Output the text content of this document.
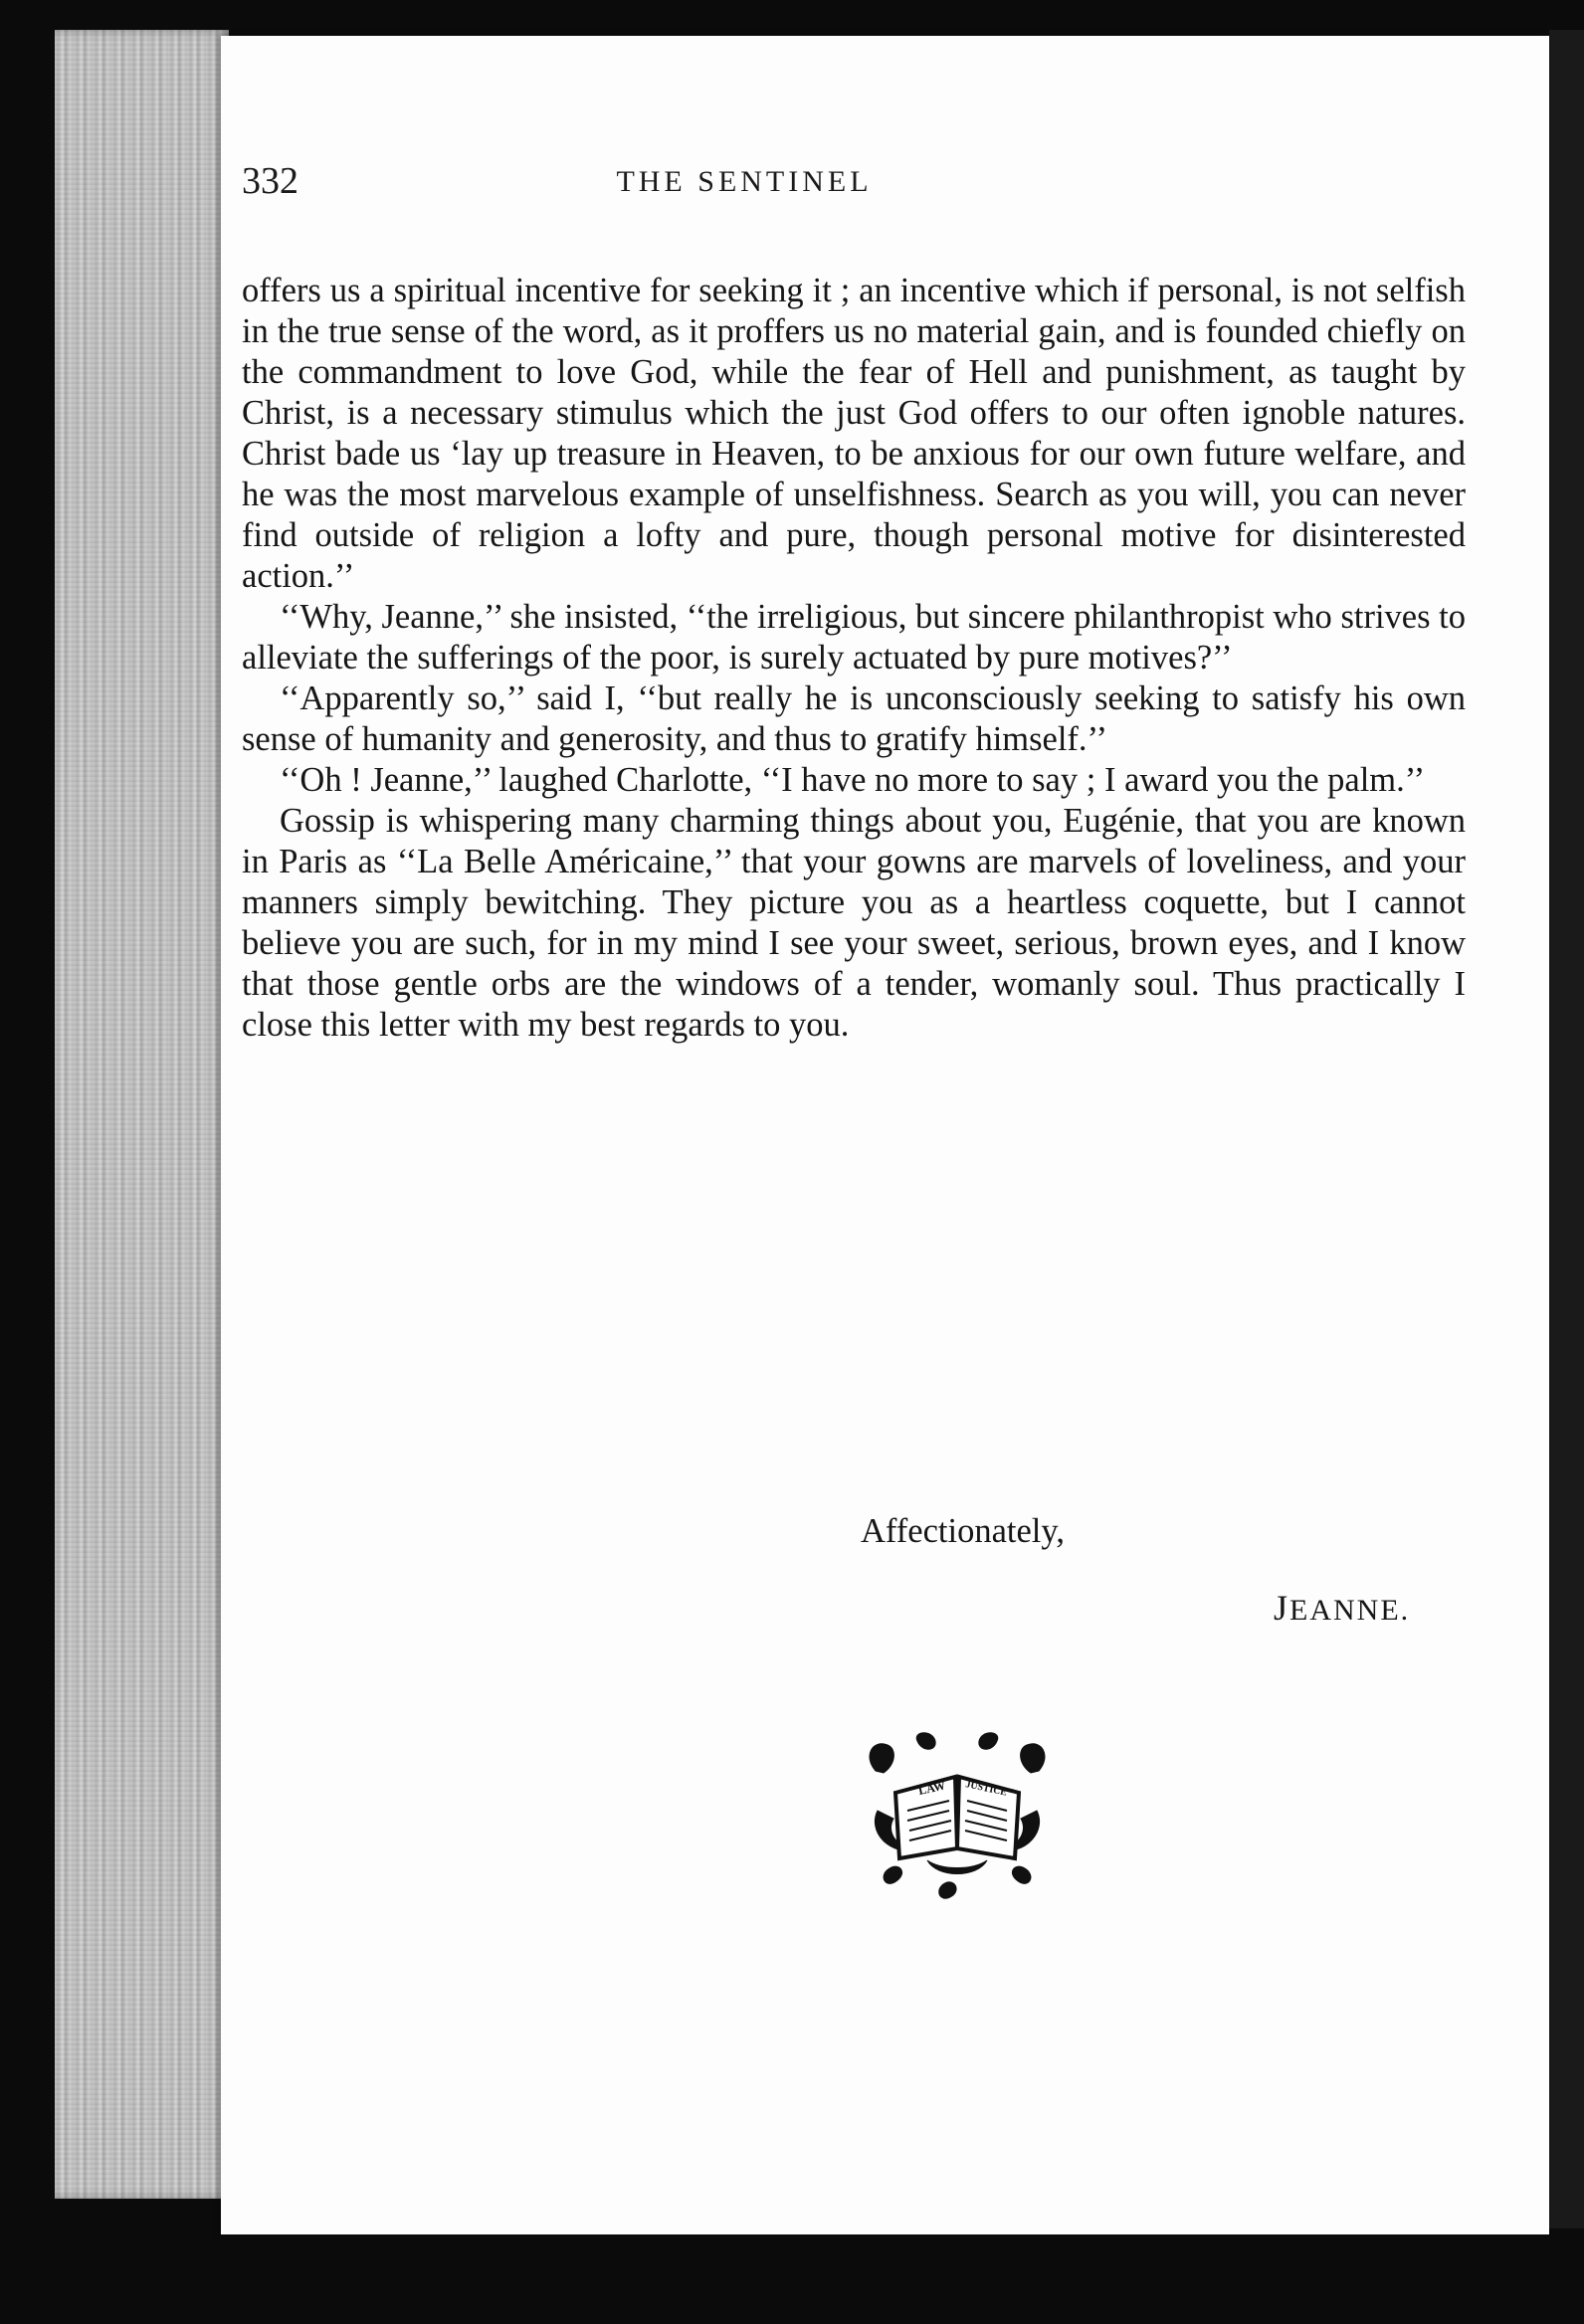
332	THE SENTINEL

offers us a spiritual incentive for seeking it ; an incentive which if personal, is not selfish in the true sense of the word, as it proffers us no material gain, and is founded chiefly on the commandment to love God, while the fear of Hell and punishment, as taught by Christ, is a necessary stimulus which the just God offers to our often ignoble natures. Christ bade us ‘lay up treasure in Heaven, to be anxious for our own future welfare, and he was the most marvelous example of unselfishness. Search as you will, you can never find outside of religion a lofty and pure, though personal motive for disinterested action.’’

‘‘Why, Jeanne,’’ she insisted, ‘‘the irreligious, but sincere philanthropist who strives to alleviate the sufferings of the poor, is surely actuated by pure motives?’’

‘‘Apparently so,’’ said I, ‘‘but really he is unconsciously seeking to satisfy his own sense of humanity and generosity, and thus to gratify himself.’’

‘‘Oh ! Jeanne,’’ laughed Charlotte, ‘‘I have no more to say ; I award you the palm.’’

Gossip is whispering many charming things about you, Eugénie, that you are known in Paris as ‘‘La Belle Américaine,’’ that your gowns are marvels of loveliness, and your manners simply bewitching. They picture you as a heartless coquette, but I cannot believe you are such, for in my mind I see your sweet, serious, brown eyes, and I know that those gentle orbs are the windows of a tender, womanly soul. Thus practically I close this letter with my best regards to you.

Affectionately,
JEANNE.
LAW JUSTICE
